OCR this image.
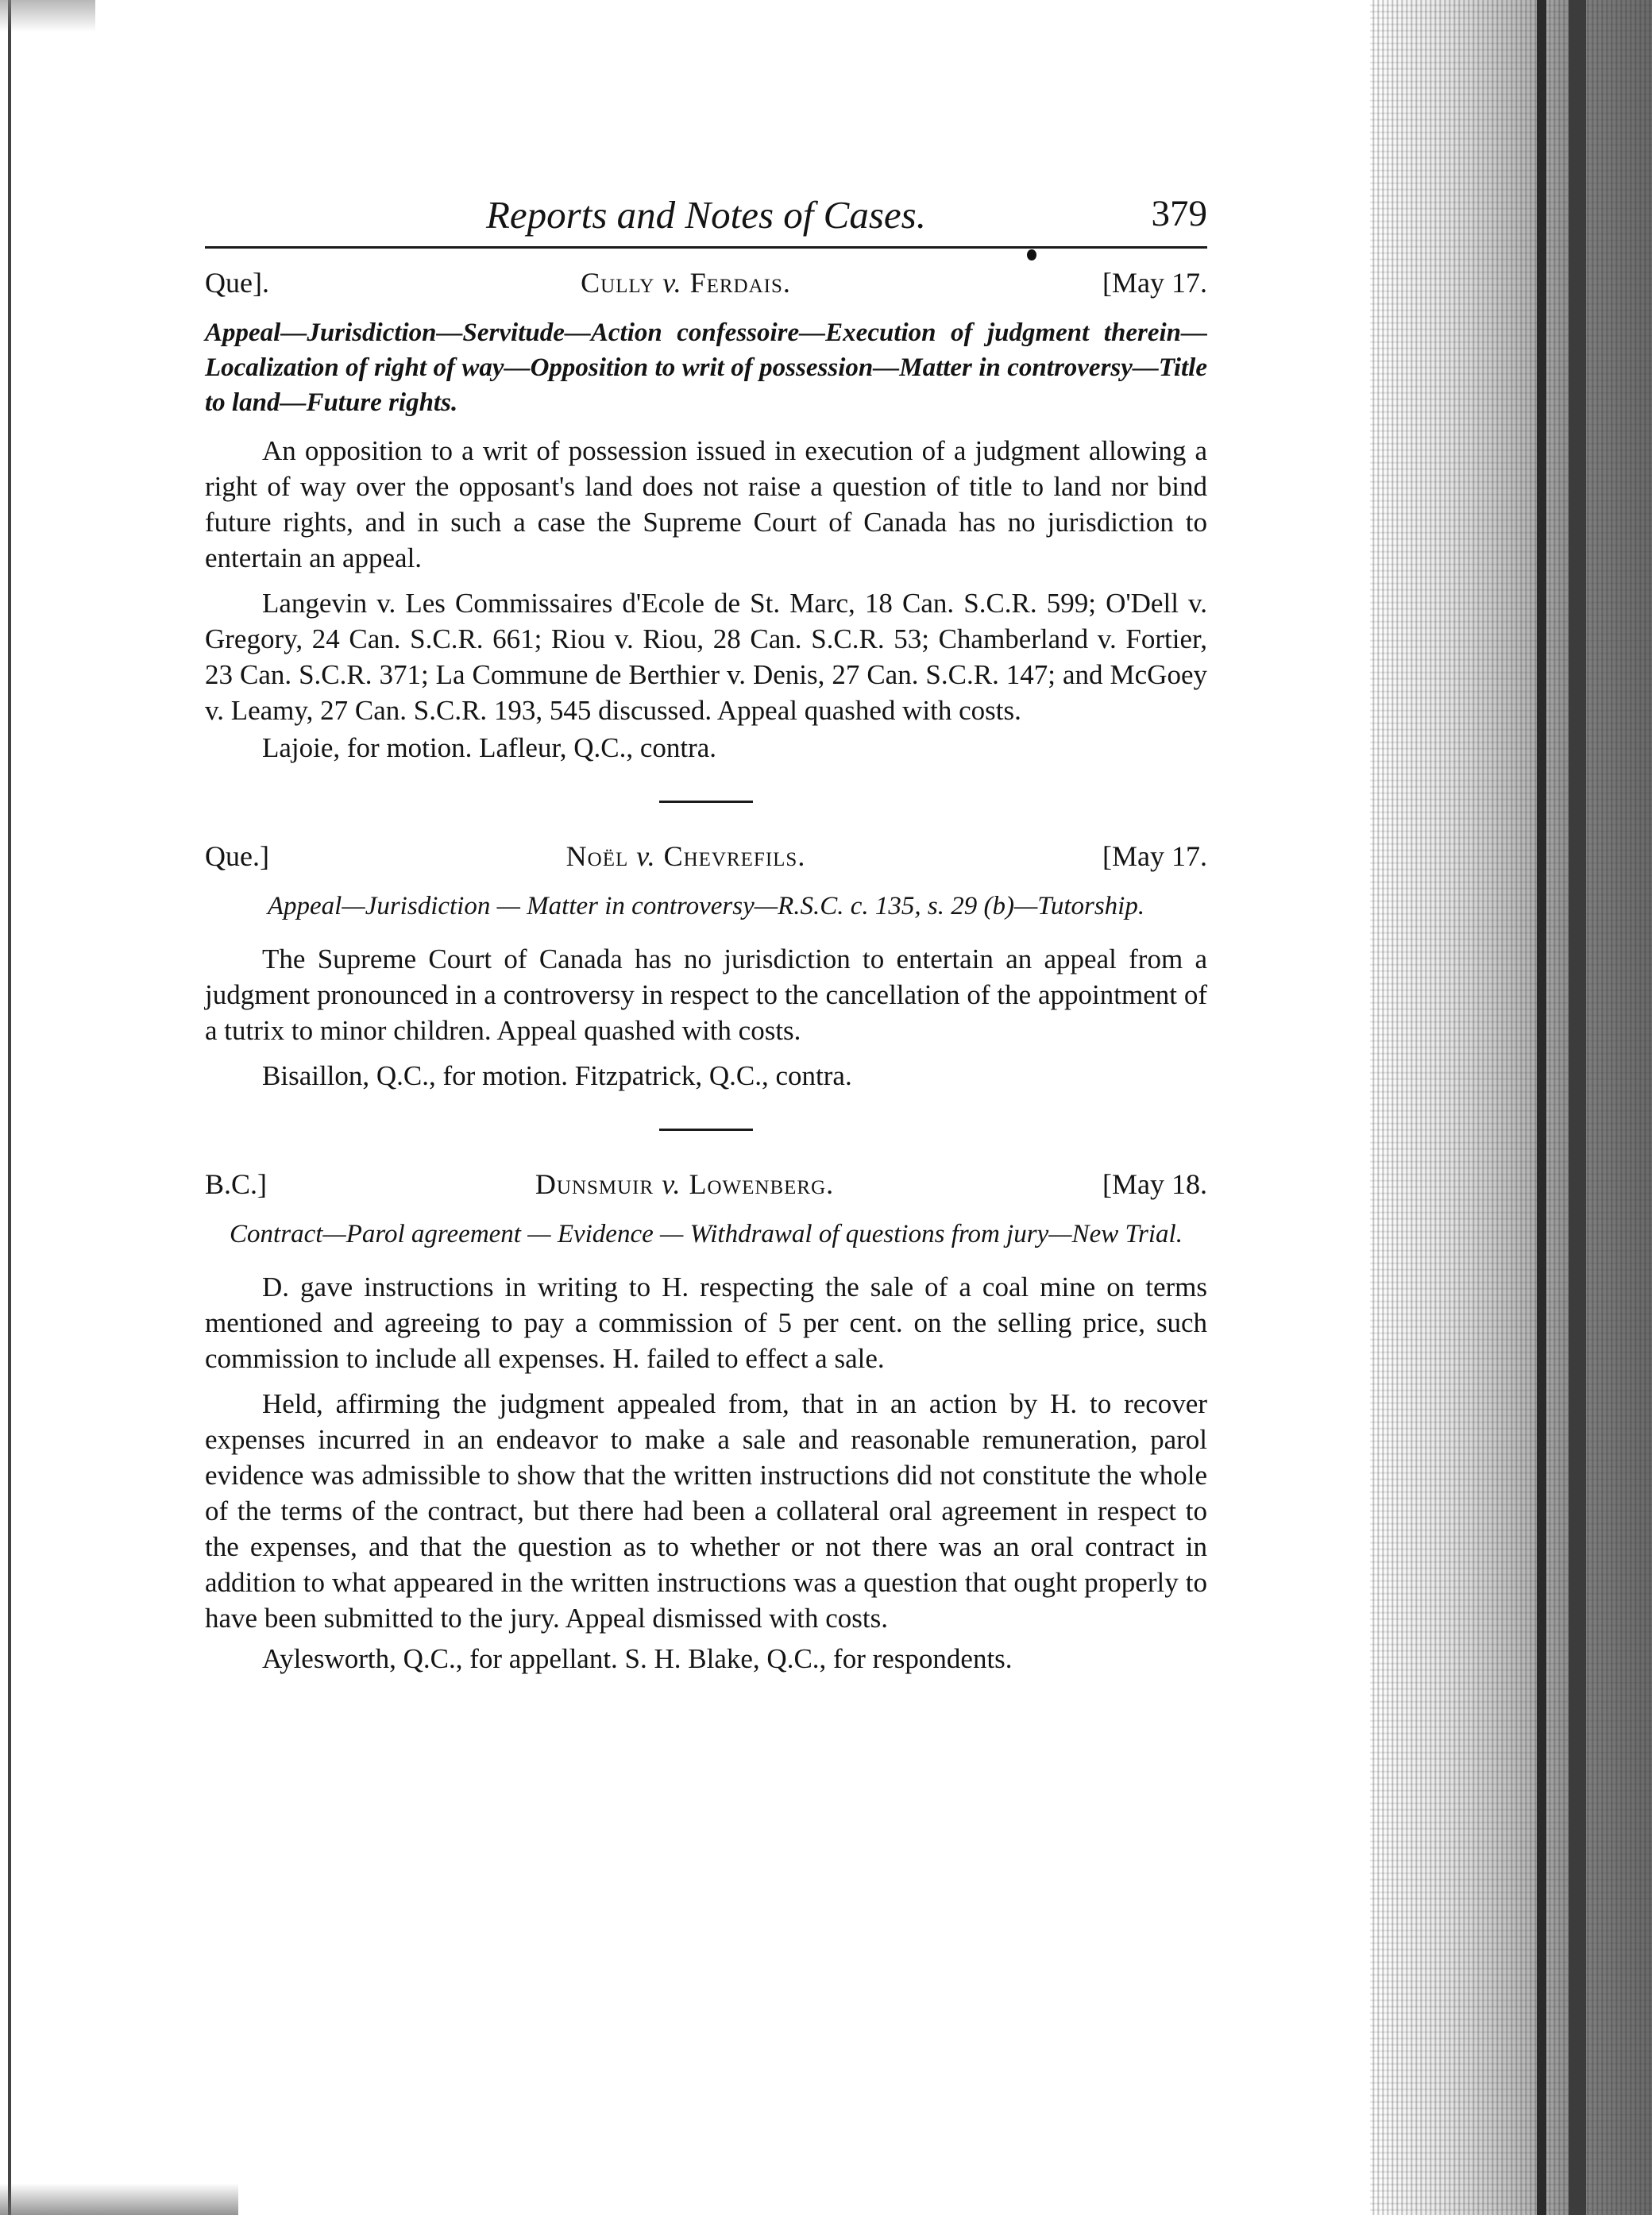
Reports and Notes of Cases.	379
Que].	Cully v. Ferdais.	[May 17.
Appeal—Jurisdiction—Servitude—Action confessoire—Execution of judgment therein—Localization of right of way—Opposition to writ of possession—Matter in controversy—Title to land—Future rights.

An opposition to a writ of possession issued in execution of a judgment allowing a right of way over the opposant's land does not raise a question of title to land nor bind future rights, and in such a case the Supreme Court of Canada has no jurisdiction to entertain an appeal.

Langevin v. Les Commissaires d'Ecole de St. Marc, 18 Can. S.C.R. 599; O'Dell v. Gregory, 24 Can. S.C.R. 661; Riou v. Riou, 28 Can. S.C.R. 53; Chamberland v. Fortier, 23 Can. S.C.R. 371; La Commune de Berthier v. Denis, 27 Can. S.C.R. 147; and McGoey v. Leamy, 27 Can. S.C.R. 193, 545 discussed. Appeal quashed with costs.

Lajoie, for motion. Lafleur, Q.C., contra.

Que.]	Noël v. Chevrefils.	[May 17.
Appeal—Jurisdiction — Matter in controversy—R.S.C. c. 135, s. 29 (b)—Tutorship.

The Supreme Court of Canada has no jurisdiction to entertain an appeal from a judgment pronounced in a controversy in respect to the cancellation of the appointment of a tutrix to minor children. Appeal quashed with costs.

Bisaillon, Q.C., for motion. Fitzpatrick, Q.C., contra.

B.C.]	Dunsmuir v. Lowenberg.	[May 18.
Contract—Parol agreement — Evidence — Withdrawal of questions from jury—New Trial.

D. gave instructions in writing to H. respecting the sale of a coal mine on terms mentioned and agreeing to pay a commission of 5 per cent. on the selling price, such commission to include all expenses. H. failed to effect a sale.

Held, affirming the judgment appealed from, that in an action by H. to recover expenses incurred in an endeavor to make a sale and reasonable remuneration, parol evidence was admissible to show that the written instructions did not constitute the whole of the terms of the contract, but there had been a collateral oral agreement in respect to the expenses, and that the question as to whether or not there was an oral contract in addition to what appeared in the written instructions was a question that ought properly to have been submitted to the jury. Appeal dismissed with costs.

Aylesworth, Q.C., for appellant. S. H. Blake, Q.C., for respondents.
